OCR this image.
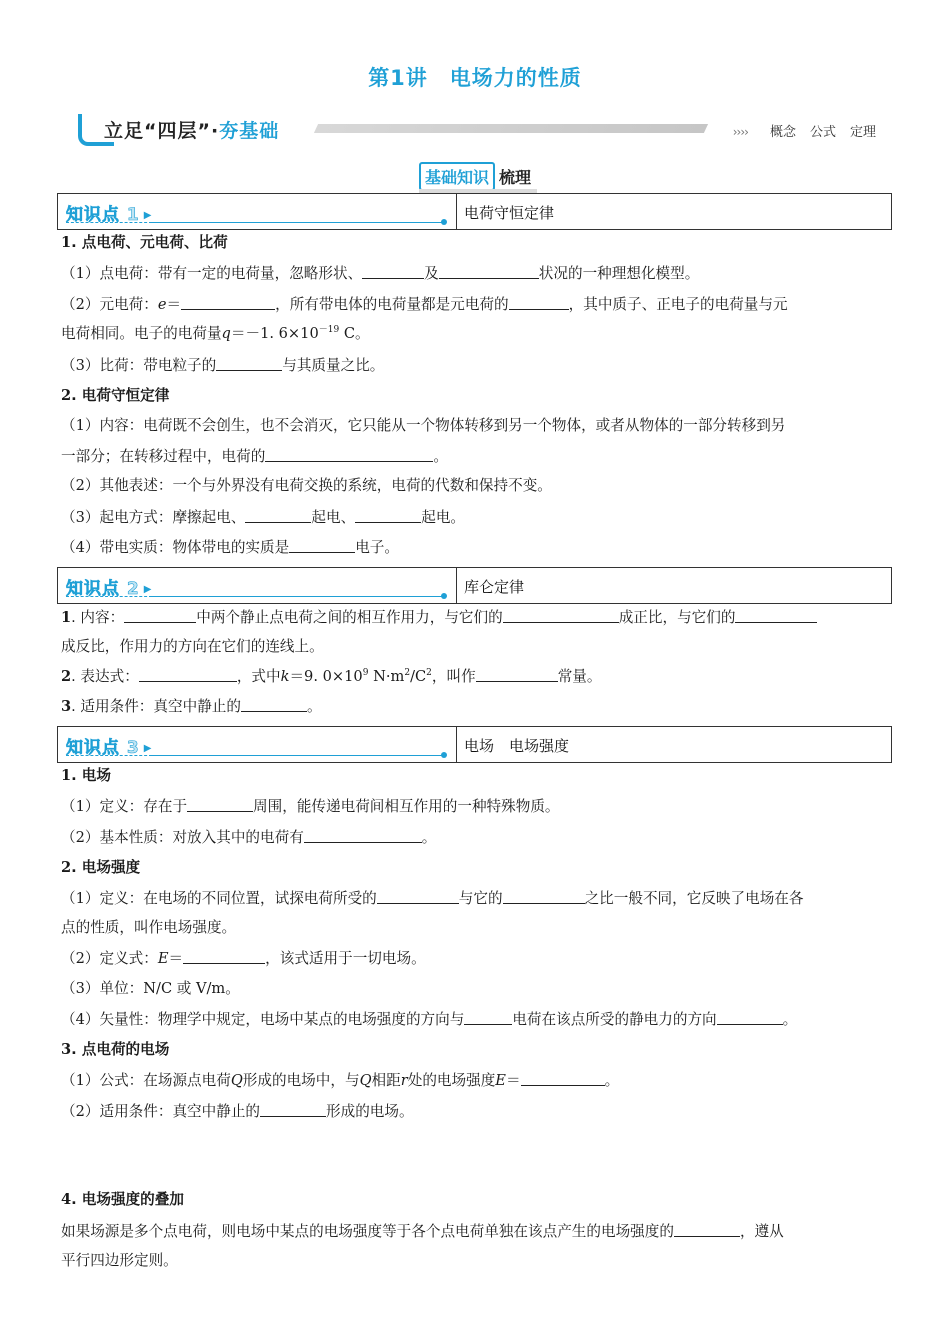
第1讲　电场力的性质
立足“四层”·夯基础	›››› 概念 公式 定理
基础知识 梳理
知识点 1 ▶	电荷守恒定律
1. 点电荷、元电荷、比荷
（1）点电荷：带有一定的电荷量，忽略形状、	及	状况的一种理想化模型。
（2）元电荷：e＝	，所有带电体的电荷量都是元电荷的	，其中质子、正电子的电荷量与元
电荷相同。电子的电荷量q＝－1. $6\times 10^{-19}$ C。
（3）比荷：带电粒子的	与其质量之比。
2. 电荷守恒定律
（1）内容：电荷既不会创生，也不会消灭，它只能从一个物体转移到另一个物体，或者从物体的一部分转移到另
一部分；在转移过程中，电荷的	。
（2）其他表述：一个与外界没有电荷交换的系统，电荷的代数和保持不变。
（3）起电方式：摩擦起电、	起电、	起电。
（4）带电实质：物体带电的实质是	电子。
知识点 2 ▶	库仑定律
1. 内容：	中两个静止点电荷之间的相互作用力，与它们的	成正比，与它们的
成反比，作用力的方向在它们的连线上。
2. 表达式：	，式中k＝9. $0\times 10^9$ $N\cdot m^2/C^2$，叫作	常量。
3. 适用条件：真空中静止的	。
知识点 3 ▶	电场　电场强度
1. 电场
（1）定义：存在于	周围，能传递电荷间相互作用的一种特殊物质。
（2）基本性质：对放入其中的电荷有	。
2. 电场强度
（1）定义：在电场的不同位置，试探电荷所受的	与它的	之比一般不同，它反映了电场在各
点的性质，叫作电场强度。
（2）定义式：E＝	，该式适用于一切电场。
（3）单位：N/C 或 V/m。
（4）矢量性：物理学中规定，电场中某点的电场强度的方向与	电荷在该点所受的静电力的方向	。
3. 点电荷的电场
（1）公式：在场源点电荷Q形成的电场中，与Q相距r处的电场强度E＝	。
（2）适用条件：真空中静止的	形成的电场。
4. 电场强度的叠加
如果场源是多个点电荷，则电场中某点的电场强度等于各个点电荷单独在该点产生的电场强度的	，遵从
平行四边形定则。
